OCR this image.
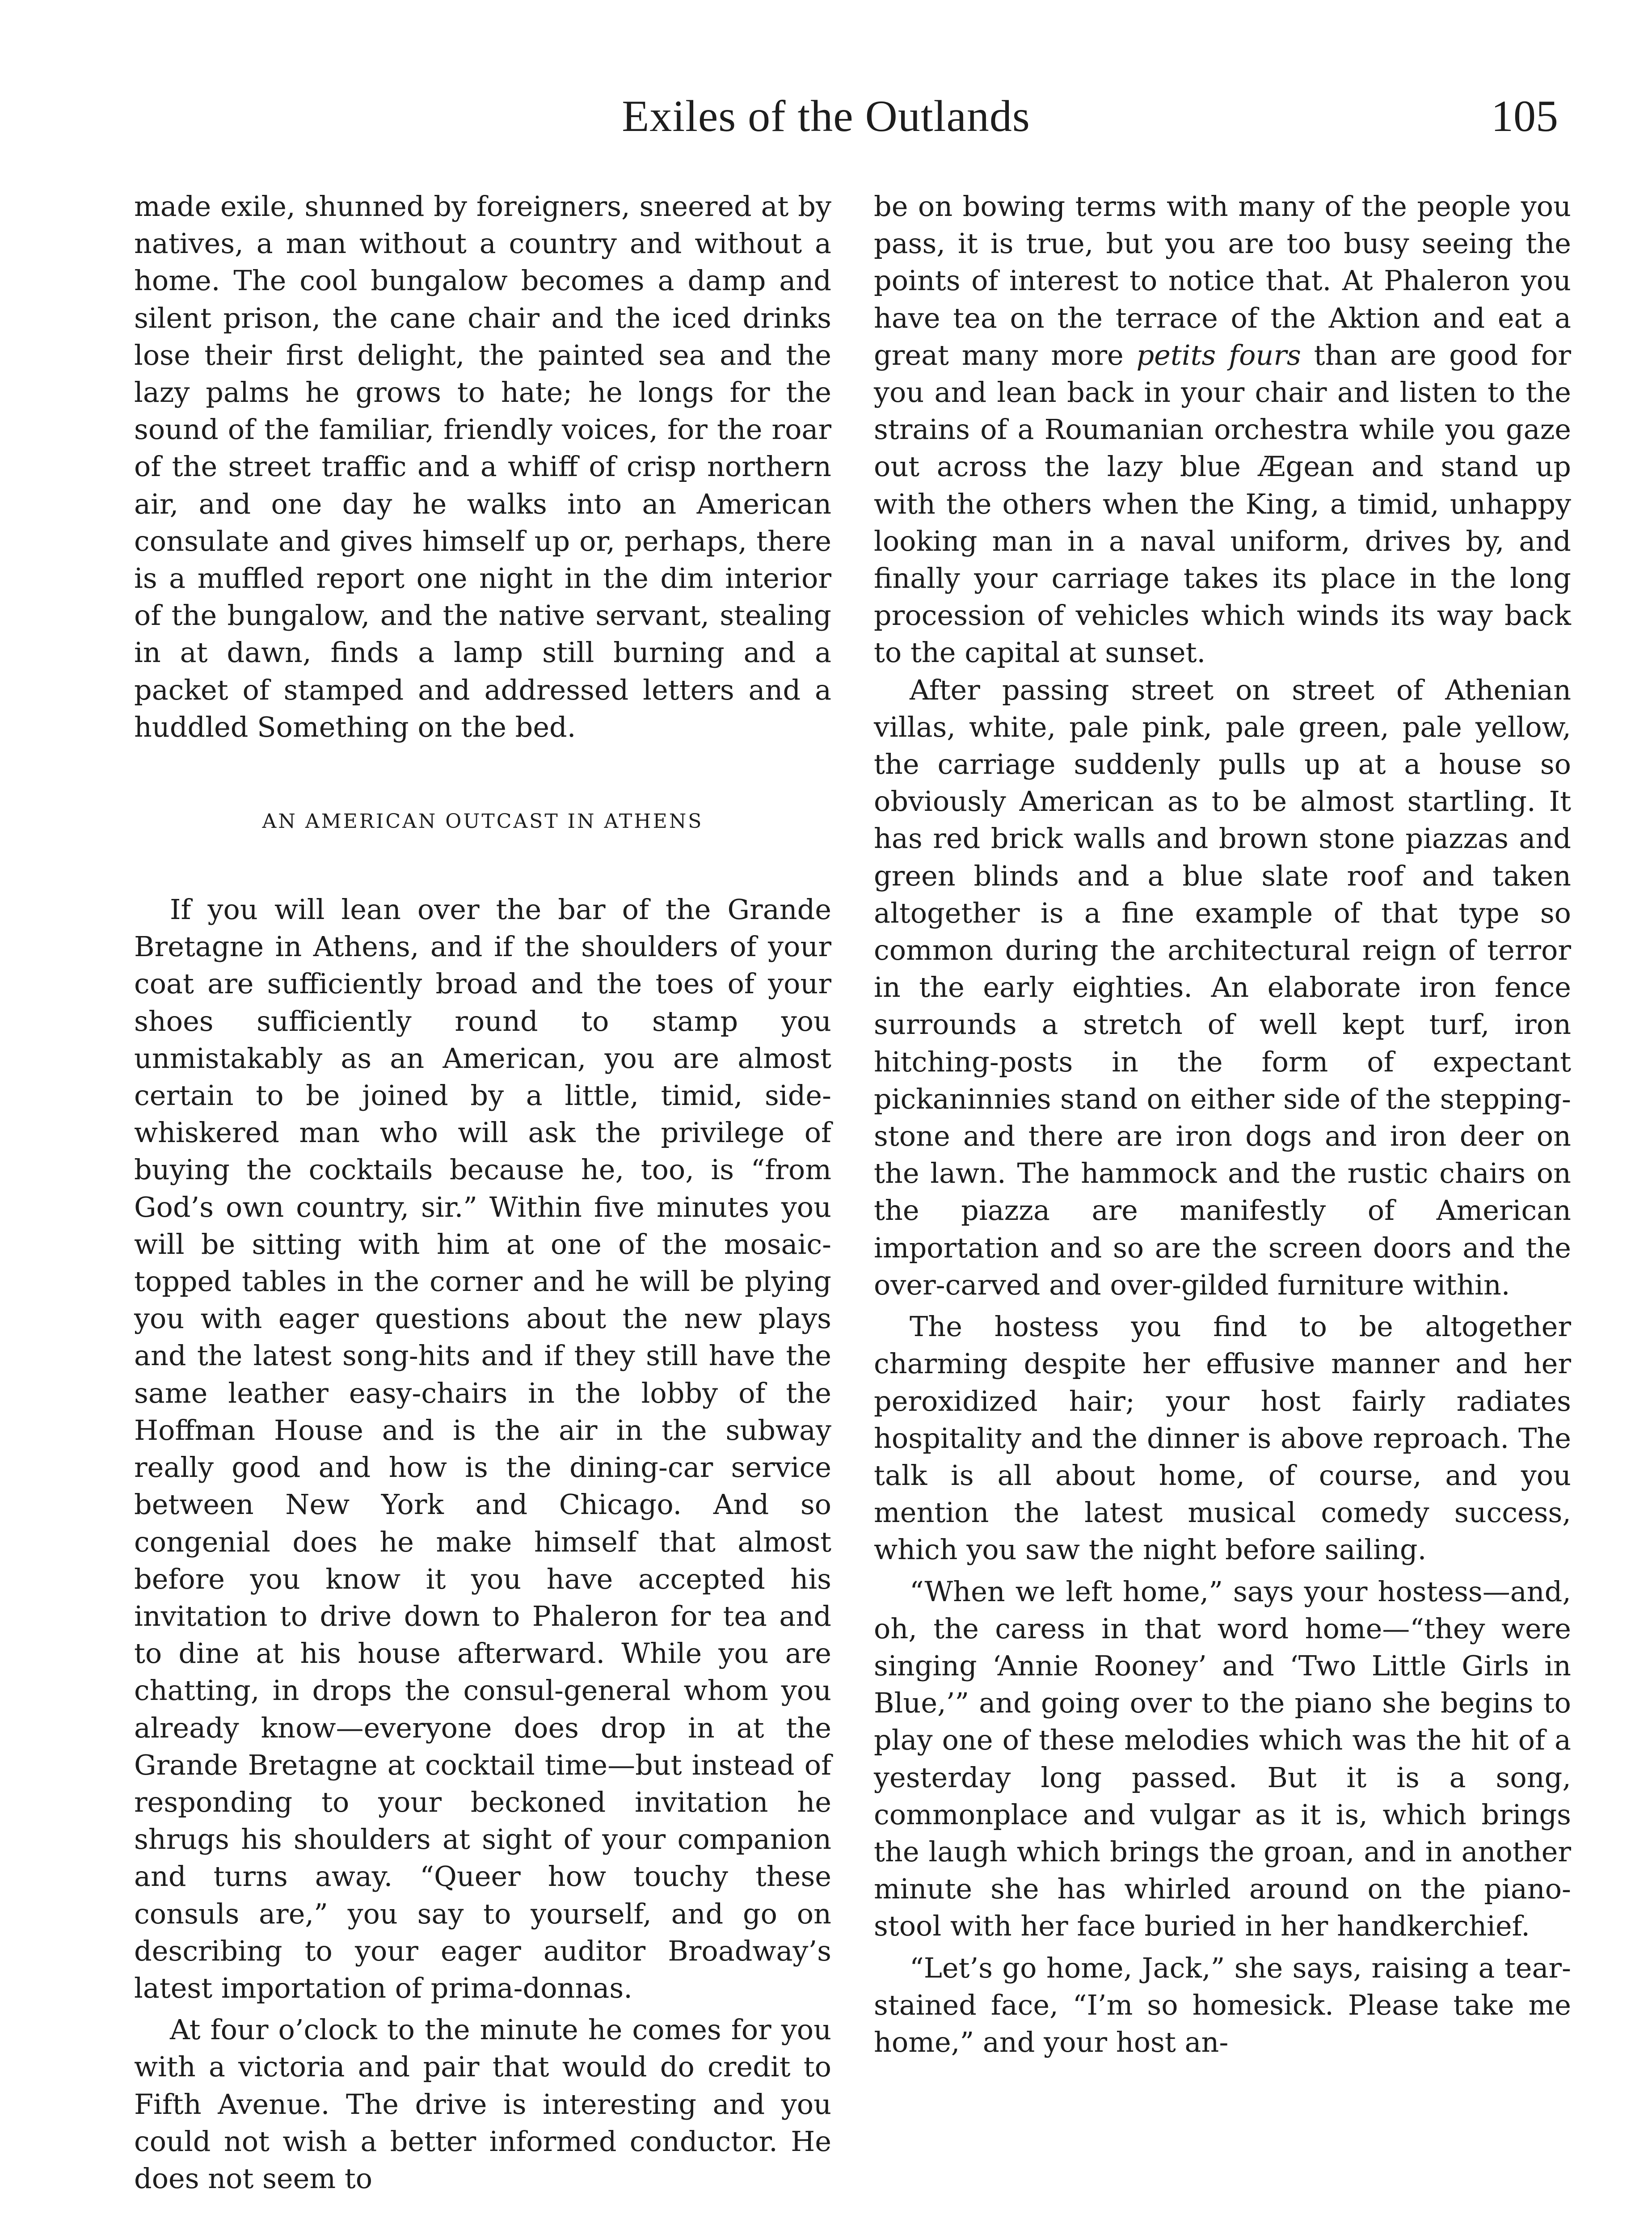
Exiles of the Outlands	105

made exile, shunned by foreigners, sneered at by natives, a man without a country and without a home. The cool bungalow becomes a damp and silent prison, the cane chair and the iced drinks lose their first delight, the painted sea and the lazy palms he grows to hate; he longs for the sound of the familiar, friendly voices, for the roar of the street traffic and a whiff of crisp northern air, and one day he walks into an American consulate and gives himself up or, perhaps, there is a muffled report one night in the dim interior of the bungalow, and the native servant, stealing in at dawn, finds a lamp still burning and a packet of stamped and addressed letters and a huddled Something on the bed.

AN AMERICAN OUTCAST IN ATHENS

If you will lean over the bar of the Grande Bretagne in Athens, and if the shoulders of your coat are sufficiently broad and the toes of your shoes sufficiently round to stamp you unmistakably as an American, you are almost certain to be joined by a little, timid, side-whiskered man who will ask the privilege of buying the cocktails because he, too, is “from God’s own country, sir.” Within five minutes you will be sitting with him at one of the mosaic-topped tables in the corner and he will be plying you with eager questions about the new plays and the latest song-hits and if they still have the same leather easy-chairs in the lobby of the Hoffman House and is the air in the subway really good and how is the dining-car service between New York and Chicago. And so congenial does he make himself that almost before you know it you have accepted his invitation to drive down to Phaleron for tea and to dine at his house afterward. While you are chatting, in drops the consul-general whom you already know—everyone does drop in at the Grande Bretagne at cocktail time—but instead of responding to your beckoned invitation he shrugs his shoulders at sight of your companion and turns away. “Queer how touchy these consuls are,” you say to yourself, and go on describing to your eager auditor Broadway’s latest importation of prima-donnas.

At four o’clock to the minute he comes for you with a victoria and pair that would do credit to Fifth Avenue. The drive is interesting and you could not wish a better informed conductor. He does not seem to

be on bowing terms with many of the people you pass, it is true, but you are too busy seeing the points of interest to notice that. At Phaleron you have tea on the terrace of the Aktion and eat a great many more petits fours than are good for you and lean back in your chair and listen to the strains of a Roumanian orchestra while you gaze out across the lazy blue Ægean and stand up with the others when the King, a timid, unhappy looking man in a naval uniform, drives by, and finally your carriage takes its place in the long procession of vehicles which winds its way back to the capital at sunset.

After passing street on street of Athenian villas, white, pale pink, pale green, pale yellow, the carriage suddenly pulls up at a house so obviously American as to be almost startling. It has red brick walls and brown stone piazzas and green blinds and a blue slate roof and taken altogether is a fine example of that type so common during the architectural reign of terror in the early eighties. An elaborate iron fence surrounds a stretch of well kept turf, iron hitching-posts in the form of expectant pickaninnies stand on either side of the stepping-stone and there are iron dogs and iron deer on the lawn. The hammock and the rustic chairs on the piazza are manifestly of American importation and so are the screen doors and the over-carved and over-gilded furniture within.

The hostess you find to be altogether charming despite her effusive manner and her peroxidized hair; your host fairly radiates hospitality and the dinner is above reproach. The talk is all about home, of course, and you mention the latest musical comedy success, which you saw the night before sailing.

“When we left home,” says your hostess—and, oh, the caress in that word home—“they were singing ‘Annie Rooney’ and ‘Two Little Girls in Blue,’” and going over to the piano she begins to play one of these melodies which was the hit of a yesterday long passed. But it is a song, commonplace and vulgar as it is, which brings the laugh which brings the groan, and in another minute she has whirled around on the piano-stool with her face buried in her handkerchief.

“Let’s go home, Jack,” she says, raising a tear-stained face, “I’m so homesick. Please take me home,” and your host an-
